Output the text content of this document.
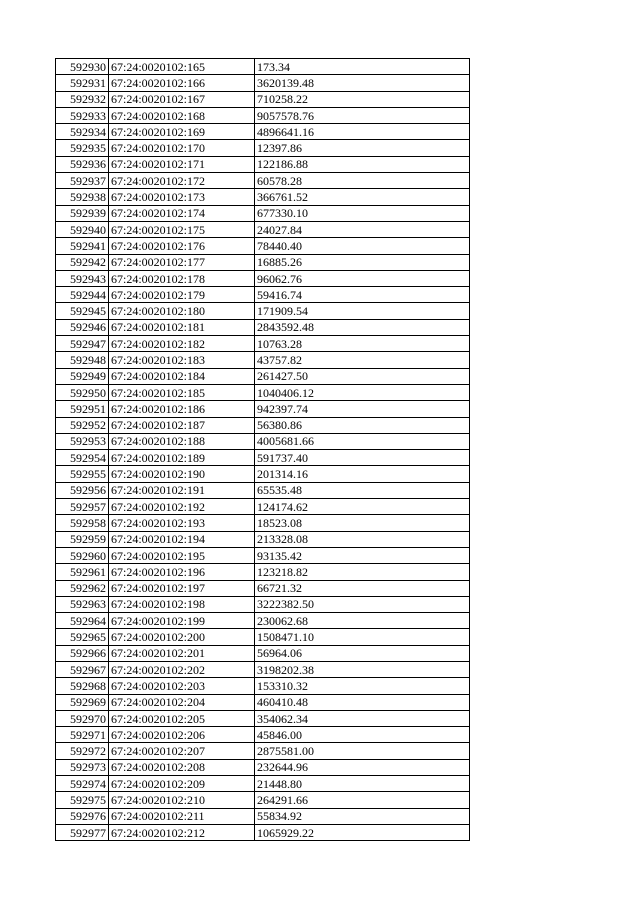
592930	67:24:0020102:165	173.34
592931	67:24:0020102:166	3620139.48
592932	67:24:0020102:167	710258.22
592933	67:24:0020102:168	9057578.76
592934	67:24:0020102:169	4896641.16
592935	67:24:0020102:170	12397.86
592936	67:24:0020102:171	122186.88
592937	67:24:0020102:172	60578.28
592938	67:24:0020102:173	366761.52
592939	67:24:0020102:174	677330.10
592940	67:24:0020102:175	24027.84
592941	67:24:0020102:176	78440.40
592942	67:24:0020102:177	16885.26
592943	67:24:0020102:178	96062.76
592944	67:24:0020102:179	59416.74
592945	67:24:0020102:180	171909.54
592946	67:24:0020102:181	2843592.48
592947	67:24:0020102:182	10763.28
592948	67:24:0020102:183	43757.82
592949	67:24:0020102:184	261427.50
592950	67:24:0020102:185	1040406.12
592951	67:24:0020102:186	942397.74
592952	67:24:0020102:187	56380.86
592953	67:24:0020102:188	4005681.66
592954	67:24:0020102:189	591737.40
592955	67:24:0020102:190	201314.16
592956	67:24:0020102:191	65535.48
592957	67:24:0020102:192	124174.62
592958	67:24:0020102:193	18523.08
592959	67:24:0020102:194	213328.08
592960	67:24:0020102:195	93135.42
592961	67:24:0020102:196	123218.82
592962	67:24:0020102:197	66721.32
592963	67:24:0020102:198	3222382.50
592964	67:24:0020102:199	230062.68
592965	67:24:0020102:200	1508471.10
592966	67:24:0020102:201	56964.06
592967	67:24:0020102:202	3198202.38
592968	67:24:0020102:203	153310.32
592969	67:24:0020102:204	460410.48
592970	67:24:0020102:205	354062.34
592971	67:24:0020102:206	45846.00
592972	67:24:0020102:207	2875581.00
592973	67:24:0020102:208	232644.96
592974	67:24:0020102:209	21448.80
592975	67:24:0020102:210	264291.66
592976	67:24:0020102:211	55834.92
592977	67:24:0020102:212	1065929.22
